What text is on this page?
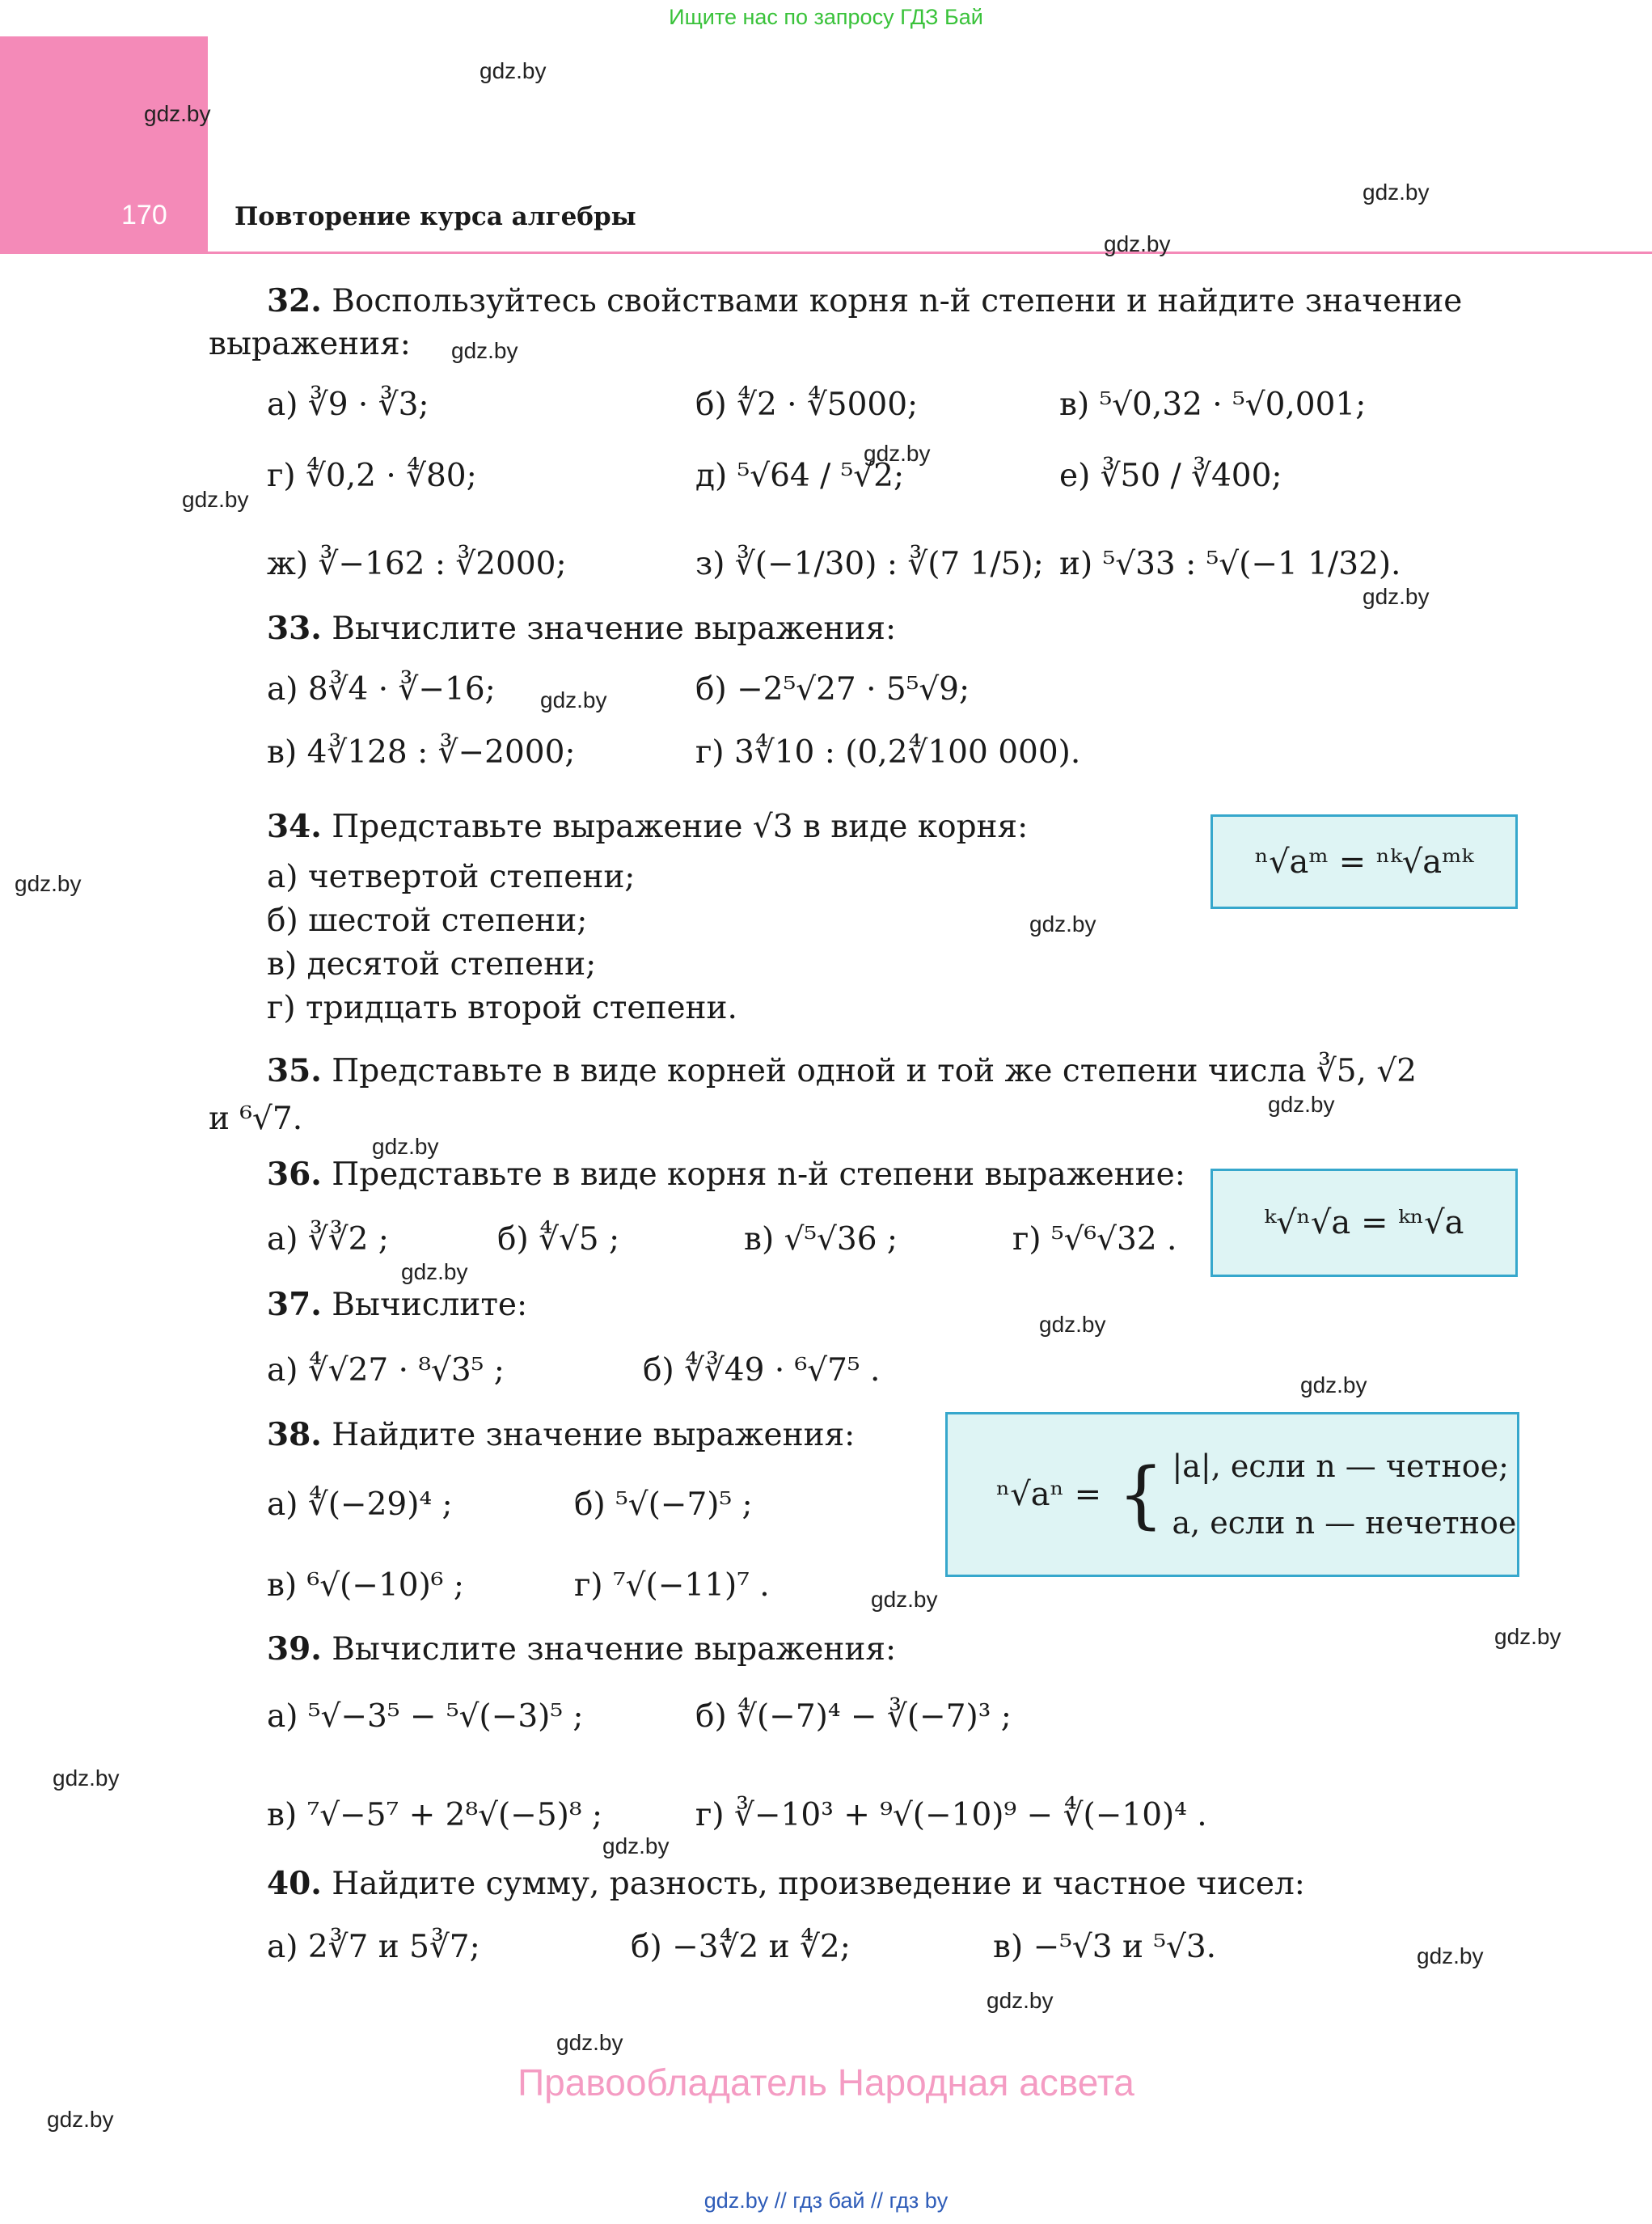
Ищите нас по запросу ГДЗ Бай
170	Повторение курса алгебры
gdz.by
gdz.by
gdz.by
gdz.by
gdz.by
gdz.by
gdz.by
gdz.by
gdz.by
gdz.by
gdz.by
gdz.by
gdz.by
gdz.by
gdz.by
gdz.by
gdz.by
gdz.by
gdz.by
gdz.by
gdz.by
gdz.by
gdz.by
gdz.by
32. Воспользуйтесь свойствами корня n-й степени и найдите значение
выражения:
а) ∛9 · ∛3;	б) ∜2 · ∜5000;	в) ⁵√0,32 · ⁵√0,001;
г) ∜0,2 · ∜80;	д) ⁵√64 / ⁵√2;	е) ∛50 / ∛400;
ж) ∛−162 : ∛2000;	з) ∛(−1/30) : ∛(7 1/5); и) ⁵√33 : ⁵√(−1 1/32).
33. Вычислите значение выражения:
а) 8∛4 · ∛−16;	б) −2⁵√27 · 5⁵√9;
в) 4∛128 : ∛−2000;	г) 3∜10 : (0,2∜100 000).
34. Представьте выражение √3 в виде корня:
а) четвертой степени;
б) шестой степени;
в) десятой степени;
г) тридцать второй степени.
ⁿ√aᵐ = ⁿᵏ√aᵐᵏ
35. Представьте в виде корней одной и той же степени числа ∛5, √2
и ⁶√7.
36. Представьте в виде корня n-й степени выражение:
а) ∛∛2 ;	б) ∜√5 ;	в) √⁵√36 ;	г) ⁵√⁶√32 .	ᵏ√ⁿ√a = ᵏⁿ√a
37. Вычислите:
а) ∜√27 · ⁸√3⁵ ;	б) ∜∛49 · ⁶√7⁵ .
38. Найдите значение выражения:
а) ∜(−29)⁴ ;	б) ⁵√(−7)⁵ ;
в) ⁶√(−10)⁶ ;	г) ⁷√(−11)⁷ .
ⁿ√aⁿ = { |a|, если n — четное;
a, если n — нечетное
39. Вычислите значение выражения:
а) ⁵√−3⁵ − ⁵√(−3)⁵ ;	б) ∜(−7)⁴ − ∛(−7)³ ;
в) ⁷√−5⁷ + 2⁸√(−5)⁸ ;	г) ∛−10³ + ⁹√(−10)⁹ − ∜(−10)⁴ .
40. Найдите сумму, разность, произведение и частное чисел:
а) 2∛7 и 5∛7;	б) −3∜2 и ∜2;	в) −⁵√3 и ⁵√3.
Правообладатель Народная асвета
gdz.by // гдз бай // гдз by
